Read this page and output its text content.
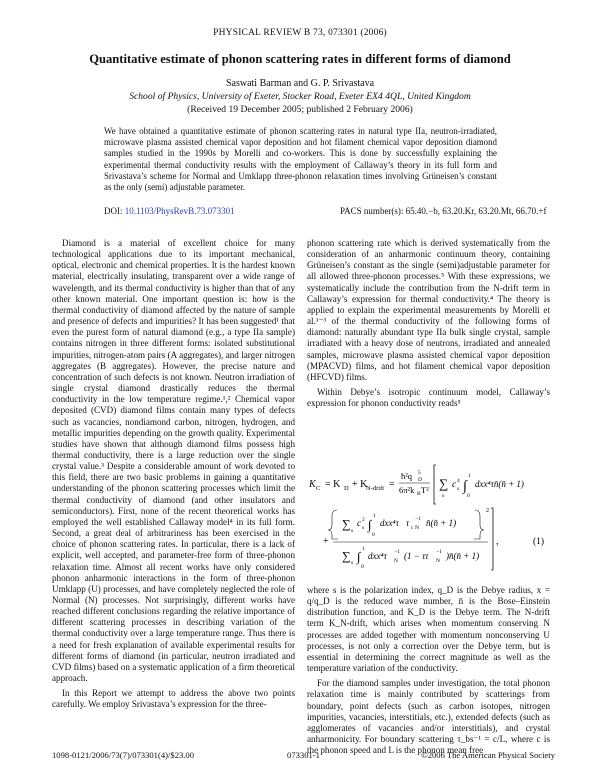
PHYSICAL REVIEW B 73, 073301 (2006)
Quantitative estimate of phonon scattering rates in different forms of diamond
Saswati Barman and G. P. Srivastava
School of Physics, University of Exeter, Stocker Road, Exeter EX4 4QL, United Kingdom
(Received 19 December 2005; published 2 February 2006)
We have obtained a quantitative estimate of phonon scattering rates in natural type IIa, neutron-irradiated, microwave plasma assisted chemical vapor deposition and hot filament chemical vapor deposition diamond samples studied in the 1990s by Morelli and co-workers. This is done by successfully explaining the experimental thermal conductivity results with the employment of Callaway’s theory in its full form and Srivastava’s scheme for Normal and Umklapp three-phonon relaxation times involving Grüneisen’s constant as the only (semi) adjustable parameter.
DOI: 10.1103/PhysRevB.73.073301	PACS number(s): 65.40.−b, 63.20.Kr, 63.20.Mt, 66.70.+f

Diamond is a material of excellent choice for many technological applications due to its important mechanical, optical, electronic and chemical properties. It is the hardest known material, electrically insulating, transparent over a wide range of wavelength, and its thermal conductivity is higher than that of any other known material. One important question is: how is the thermal conductivity of diamond affected by the nature of sample and presence of defects and impurities? It has been suggested¹ that even the purest form of natural diamond (e.g., a type IIa sample) contains nitrogen in three different forms: isolated substitutional impurities, nitrogen-atom pairs (A aggregates), and larger nitrogen aggregates (B aggregates). However, the precise nature and concentration of such defects is not known. Neutron irradiation of single crystal diamond drastically reduces the thermal conductivity in the low temperature regime.¹,² Chemical vapor deposited (CVD) diamond films contain many types of defects such as vacancies, nondiamond carbon, nitrogen, hydrogen, and metallic impurities depending on the growth quality. Experimental studies have shown that although diamond films possess high thermal conductivity, there is a large reduction over the single crystal value.³ Despite a considerable amount of work devoted to this field, there are two basic problems in gaining a quantitative understanding of the phonon scattering processes which limit the thermal conductivity of diamond (and other insulators and semiconductors). First, none of the recent theoretical works has employed the well established Callaway model⁴ in its full form. Second, a great deal of arbitrariness has been exercised in the choice of phonon scattering rates. In particular, there is a lack of explicit, well accepted, and parameter-free form of three-phonon relaxation time. Almost all recent works have only considered phonon anharmonic interactions in the form of three-phonon Umklapp (U) processes, and have completely neglected the role of Normal (N) processes. Not surprisingly, different works have reached different conclusions regarding the relative importance of different scattering processes in describing variation of the thermal conductivity over a large temperature range. Thus there is a need for fresh explanation of available experimental results for different forms of diamond (in particular, neutron irradiated and CVD films) based on a systematic application of a firm theoretical approach.

In this Report we attempt to address the above two points carefully. We employ Srivastava’s expression for the three-

phonon scattering rate which is derived systematically from the consideration of an anharmonic continuum theory, containing Grüneisen’s constant as the single (semi)adjustable parameter for all allowed three-phonon processes.⁵ With these expressions, we systematically include the contribution from the N-drift term in Callaway’s expression for thermal conductivity.⁴ The theory is applied to explain the experimental measurements by Morelli et al.¹⁻³ of the thermal conductivity of the following forms of diamond: naturally abundant type IIa bulk single crystal, sample irradiated with a heavy dose of neutrons, irradiated and annealed samples, microwave plasma assisted chemical vapor deposition (MPACVD) films, and hot filament chemical vapor deposition (HFCVD) films.

Within Debye’s isotropic continuum model, Callaway’s expression for phonon conductivity reads⁵

K C = K D + K
N-drift =
ħ²q 5
D
6π²k B T² ∑
s
c 4
s ∫
1
0
dxx⁴τn̄(n̄ + 1)
+
∑ s
c 2
s ∫
1
0
dxx⁴τ τ c
−1
N n̄(n̄ + 1)
2
∑ s ∫ 1
0
dxx⁴τ N
−1 (1 − ττ N
−1 )n̄(n̄ + 1)
,	(1)

where s is the polarization index, q_D is the Debye radius, x = q/q_D is the reduced wave number, n̄ is the Bose–Einstein distribution function, and K_D is the Debye term. The N-drift term K_N-drift, which arises when momentum conserving N processes are added together with momentum nonconserving U processes, is not only a correction over the Debye term, but is essential in determining the correct magnitude as well as the temperature variation of the conductivity.

For the diamond samples under investigation, the total phonon relaxation time is mainly contributed by scatterings from boundary, point defects (such as carbon isotopes, nitrogen impurities, vacancies, interstitials, etc.), extended defects (such as agglomerates of vacancies and/or interstitials), and crystal anharmonicity. For boundary scattering τ_bs⁻¹ = c/L, where c is the phonon speed and L is the phonon mean free

1098-0121/2006/73(7)/073301(4)/$23.00	073301-1	©2006 The American Physical Society
